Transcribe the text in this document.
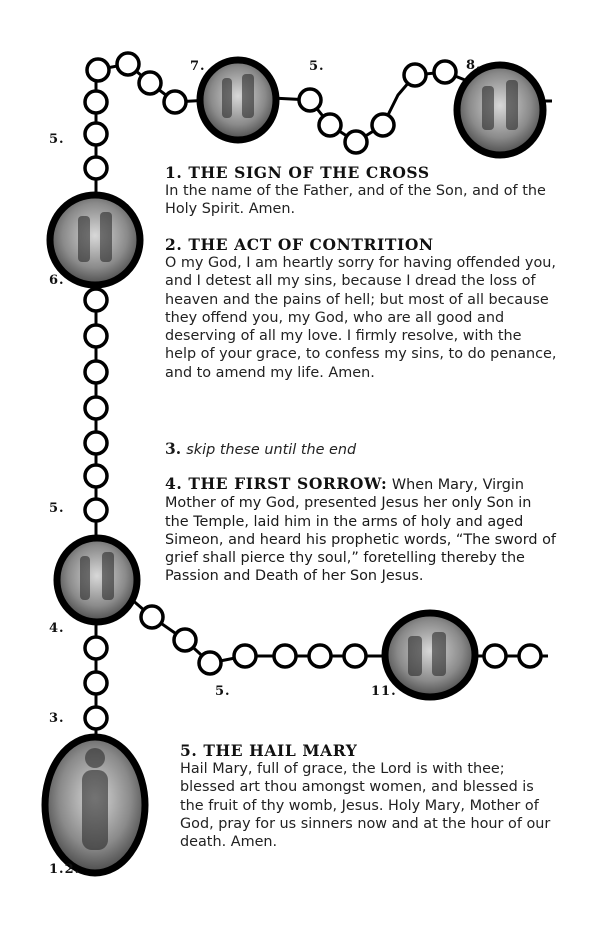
7.	5.	8.
5.
6.
5.
4.
5.	11.
3.
1.2.
1. THE SIGN OF THE CROSS
In the name of the Father, and of the Son, and of the Holy Spirit. Amen.
2. THE ACT OF CONTRITION
O my God, I am heartly sorry for having offended you, and I detest all my sins, because I dread the loss of heaven and the pains of hell; but most of all because they offend you, my God, who are all good and deserving of all my love. I firmly resolve, with the help of your grace, to confess my sins, to do penance, and to amend my life. Amen.
3. skip these until the end
4. THE FIRST SORROW: When Mary, Virgin Mother of my God, presented Jesus her only Son in the Temple, laid him in the arms of holy and aged Simeon, and heard his prophetic words, “The sword of grief shall pierce thy soul,” foretelling thereby the Passion and Death of her Son Jesus.
5. THE HAIL MARY
Hail Mary, full of grace, the Lord is with thee; blessed art thou amongst women, and blessed is the fruit of thy womb, Jesus. Holy Mary, Mother of God, pray for us sinners now and at the hour of our death. Amen.
